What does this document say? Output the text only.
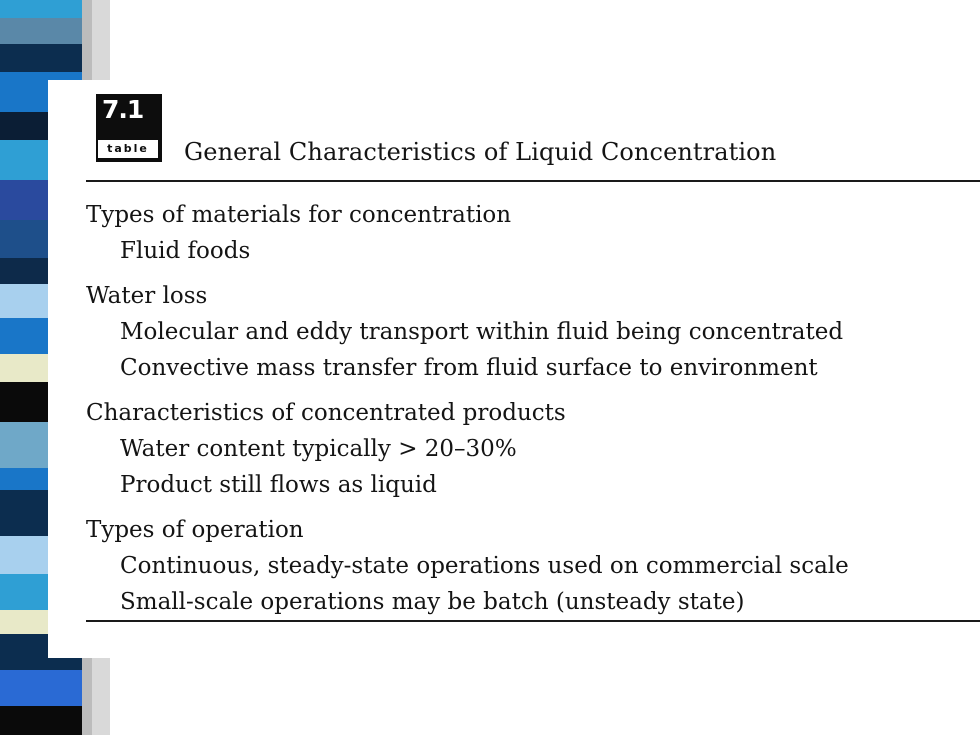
7.1
table	General Characteristics of Liquid Concentration
Types of materials for concentration
Fluid foods
Water loss
Molecular and eddy transport within fluid being concentrated
Convective mass transfer from fluid surface to environment
Characteristics of concentrated products
Water content typically > 20–30%
Product still flows as liquid
Types of operation
Continuous, steady-state operations used on commercial scale
Small-scale operations may be batch (unsteady state)
